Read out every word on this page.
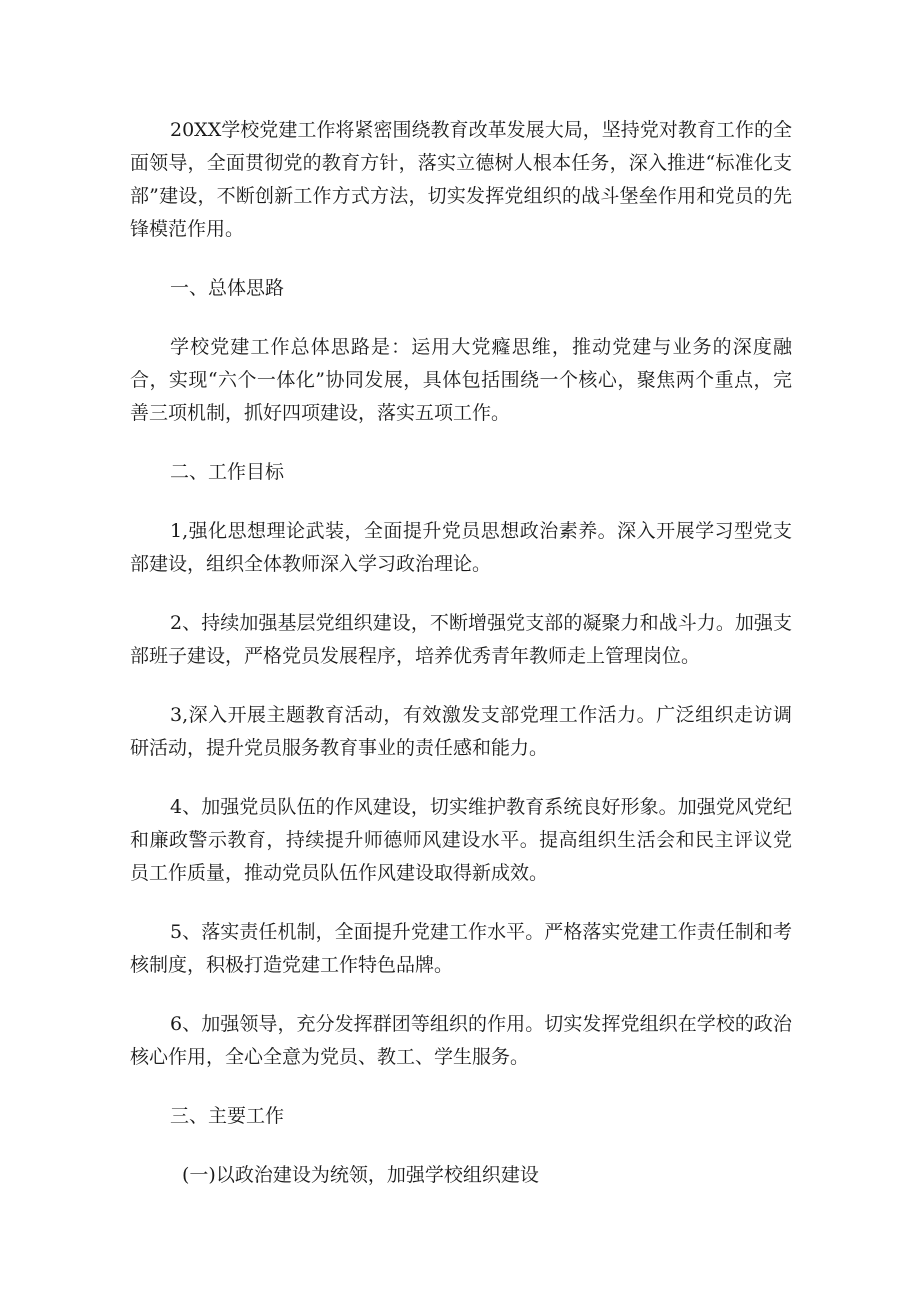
20XX学校党建工作将紧密围绕教育改革发展大局，坚持党对教育工作的全面领导，全面贯彻党的教育方针，落实立德树人根本任务，深入推进“标准化支部”建设，不断创新工作方式方法，切实发挥党组织的战斗堡垒作用和党员的先锋模范作用。

一、总体思路

学校党建工作总体思路是：运用大党癃思维，推动党建与业务的深度融合，实现“六个一体化”协同发展，具体包括围绕一个核心，聚焦两个重点，完善三项机制，抓好四项建设，落实五项工作。

二、工作目标

1,强化思想理论武装，全面提升党员思想政治素养。深入开展学习型党支部建设，组织全体教师深入学习政治理论。

2、持续加强基层党组织建设，不断增强党支部的凝聚力和战斗力。加强支部班子建设，严格党员发展程序，培养优秀青年教师走上管理岗位。

3,深入开展主题教育活动，有效激发支部党理工作活力。广泛组织走访调研活动，提升党员服务教育事业的责任感和能力。

4、加强党员队伍的作风建设，切实维护教育系统良好形象。加强党风党纪和廉政警示教育，持续提升师德师风建设水平。提高组织生活会和民主评议党员工作质量，推动党员队伍作风建设取得新成效。

5、落实责任机制，全面提升党建工作水平。严格落实党建工作责任制和考核制度，积极打造党建工作特色品牌。

6、加强领导，充分发挥群团等组织的作用。切实发挥党组织在学校的政治核心作用，全心全意为党员、教工、学生服务。

三、主要工作

(一)以政治建设为统领，加强学校组织建设
